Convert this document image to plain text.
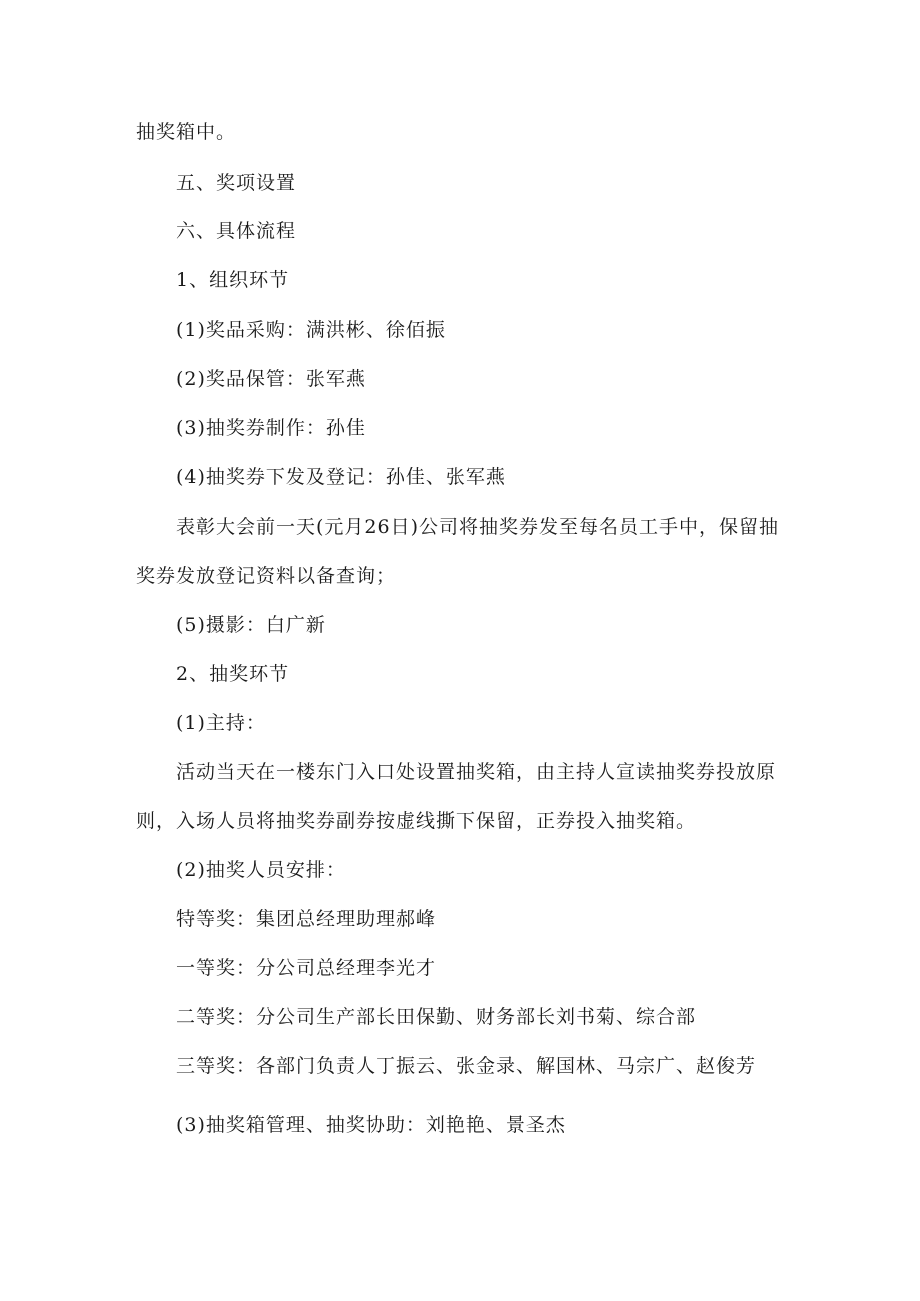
抽奖箱中。
五、奖项设置
六、具体流程
1、组织环节
(1)奖品采购：满洪彬、徐佰振
(2)奖品保管：张军燕
(3)抽奖券制作：孙佳
(4)抽奖券下发及登记：孙佳、张军燕
表彰大会前一天(元月26日)公司将抽奖券发至每名员工手中，保留抽
奖券发放登记资料以备查询；
(5)摄影：白广新
2、抽奖环节
(1)主持：
活动当天在一楼东门入口处设置抽奖箱，由主持人宣读抽奖券投放原
则，入场人员将抽奖券副券按虚线撕下保留，正券投入抽奖箱。
(2)抽奖人员安排：
特等奖：集团总经理助理郝峰
一等奖：分公司总经理李光才
二等奖：分公司生产部长田保勤、财务部长刘书菊、综合部
三等奖：各部门负责人丁振云、张金录、解国林、马宗广、赵俊芳
(3)抽奖箱管理、抽奖协助：刘艳艳、景圣杰
